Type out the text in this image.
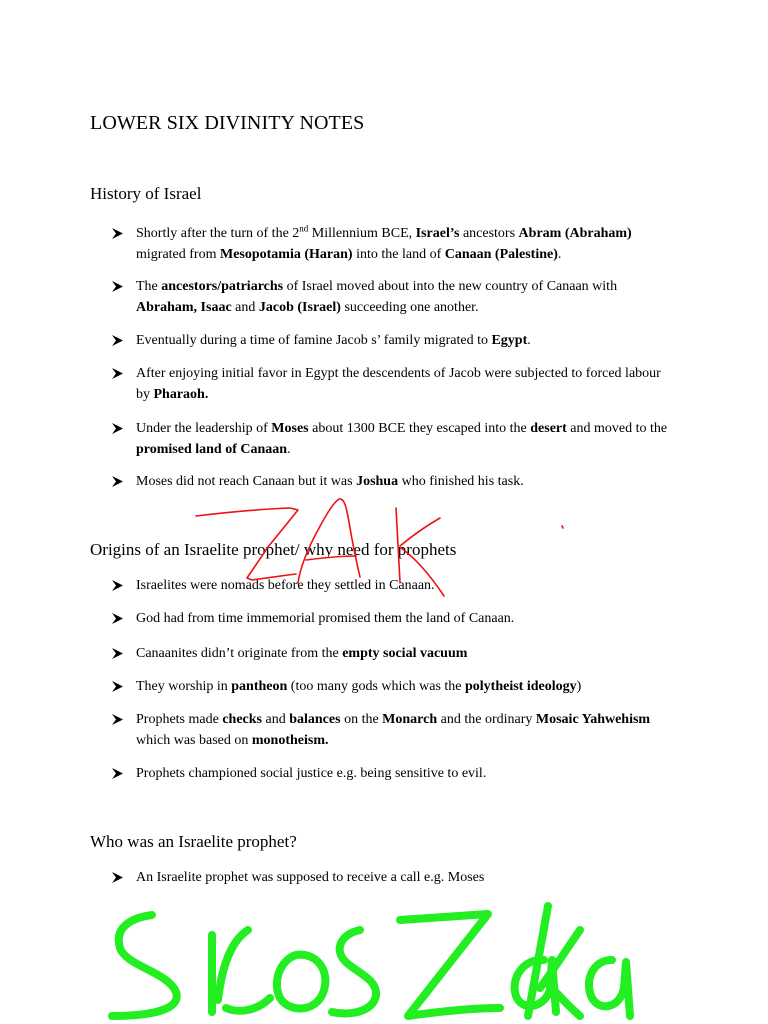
LOWER SIX DIVINITY NOTES
History of Israel
Shortly after the turn of the 2nd Millennium BCE, Israel’s ancestors Abram (Abraham) migrated from Mesopotamia (Haran) into the land of Canaan (Palestine).
The ancestors/patriarchs of Israel moved about into the new country of Canaan with Abraham, Isaac and Jacob (Israel) succeeding one another.
Eventually during a time of famine Jacob s’ family migrated to Egypt.
After enjoying initial favor in Egypt the descendents of Jacob were subjected to forced labour by Pharaoh.
Under the leadership of Moses about 1300 BCE they escaped into the desert and moved to the promised land of Canaan.
Moses did not reach Canaan but it was Joshua who finished his task.
Origins of an Israelite prophet/ why need for prophets
Israelites were nomads before they settled in Canaan.
God had from time immemorial promised them the land of Canaan.
Canaanites didn’t originate from the empty social vacuum
They worship in pantheon (too many gods which was the polytheist ideology)
Prophets made checks and balances on the Monarch and the ordinary Mosaic Yahwehism which was based on monotheism.
Prophets championed social justice e.g. being sensitive to evil.
Who was an Israelite prophet?
An Israelite prophet was supposed to receive a call e.g. Moses
